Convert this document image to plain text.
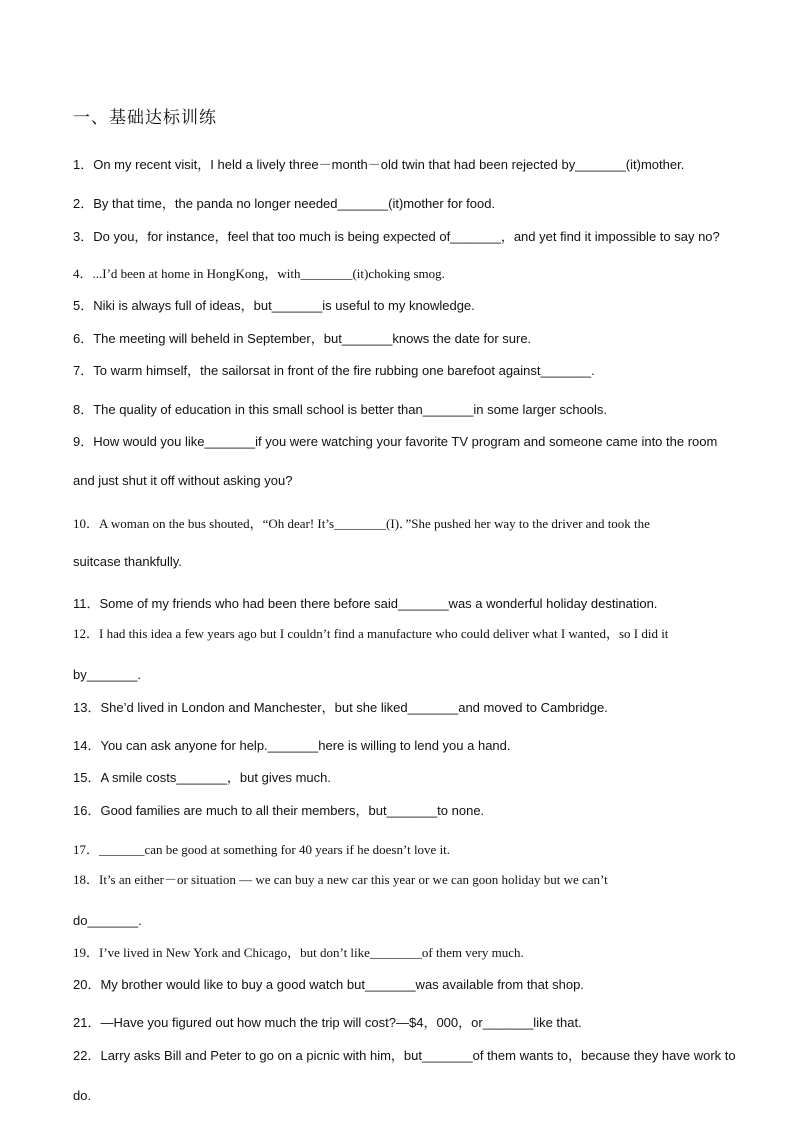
一、基础达标训练
1．On my recent visit，I held a lively three－month－old twin that had been rejected by_______(it)mother.
2．By that time，the panda no longer needed_______(it)mother for food.
3．Do you，for instance，feel that too much is being expected of_______，and yet find it impossible to say no?
4．...I’d been at home in HongKong，with________(it)choking smog.
5．Niki is always full of ideas，but_______is useful to my knowledge.
6．The meeting will beheld in September，but_______knows the date for sure.
7．To warm himself，the sailorsat in front of the fire rubbing one barefoot against_______.
8．The quality of education in this small school is better than_______in some larger schools.
9．How would you like_______if you were watching your favorite TV program and someone came into the room
and just shut it off without asking you?
10．A woman on the bus shouted，“Oh dear! It’s________(I)．”She pushed her way to the driver and took the
suitcase thankfully.
11．Some of my friends who had been there before said_______was a wonderful holiday destination.
12．I had this idea a few years ago but I couldn’t find a manufacture who could deliver what I wanted，so I did it
by_______.
13．She’d lived in London and Manchester，but she liked_______and moved to Cambridge.
14．You can ask anyone for help._______here is willing to lend you a hand.
15．A smile costs_______，but gives much.
16．Good families are much to all their members，but_______to none.
17．_______can be good at something for 40 years if he doesn’t love it.
18．It’s an either－or situation — we can buy a new car this year or we can goon holiday but we can’t
do_______.
19．I’ve lived in New York and Chicago，but don’t like________of them very much.
20．My brother would like to buy a good watch but_______was available from that shop.
21．—Have you figured out how much the trip will cost?—$4，000，or_______like that.
22．Larry asks Bill and Peter to go on a picnic with him，but_______of them wants to，because they have work to
do.
